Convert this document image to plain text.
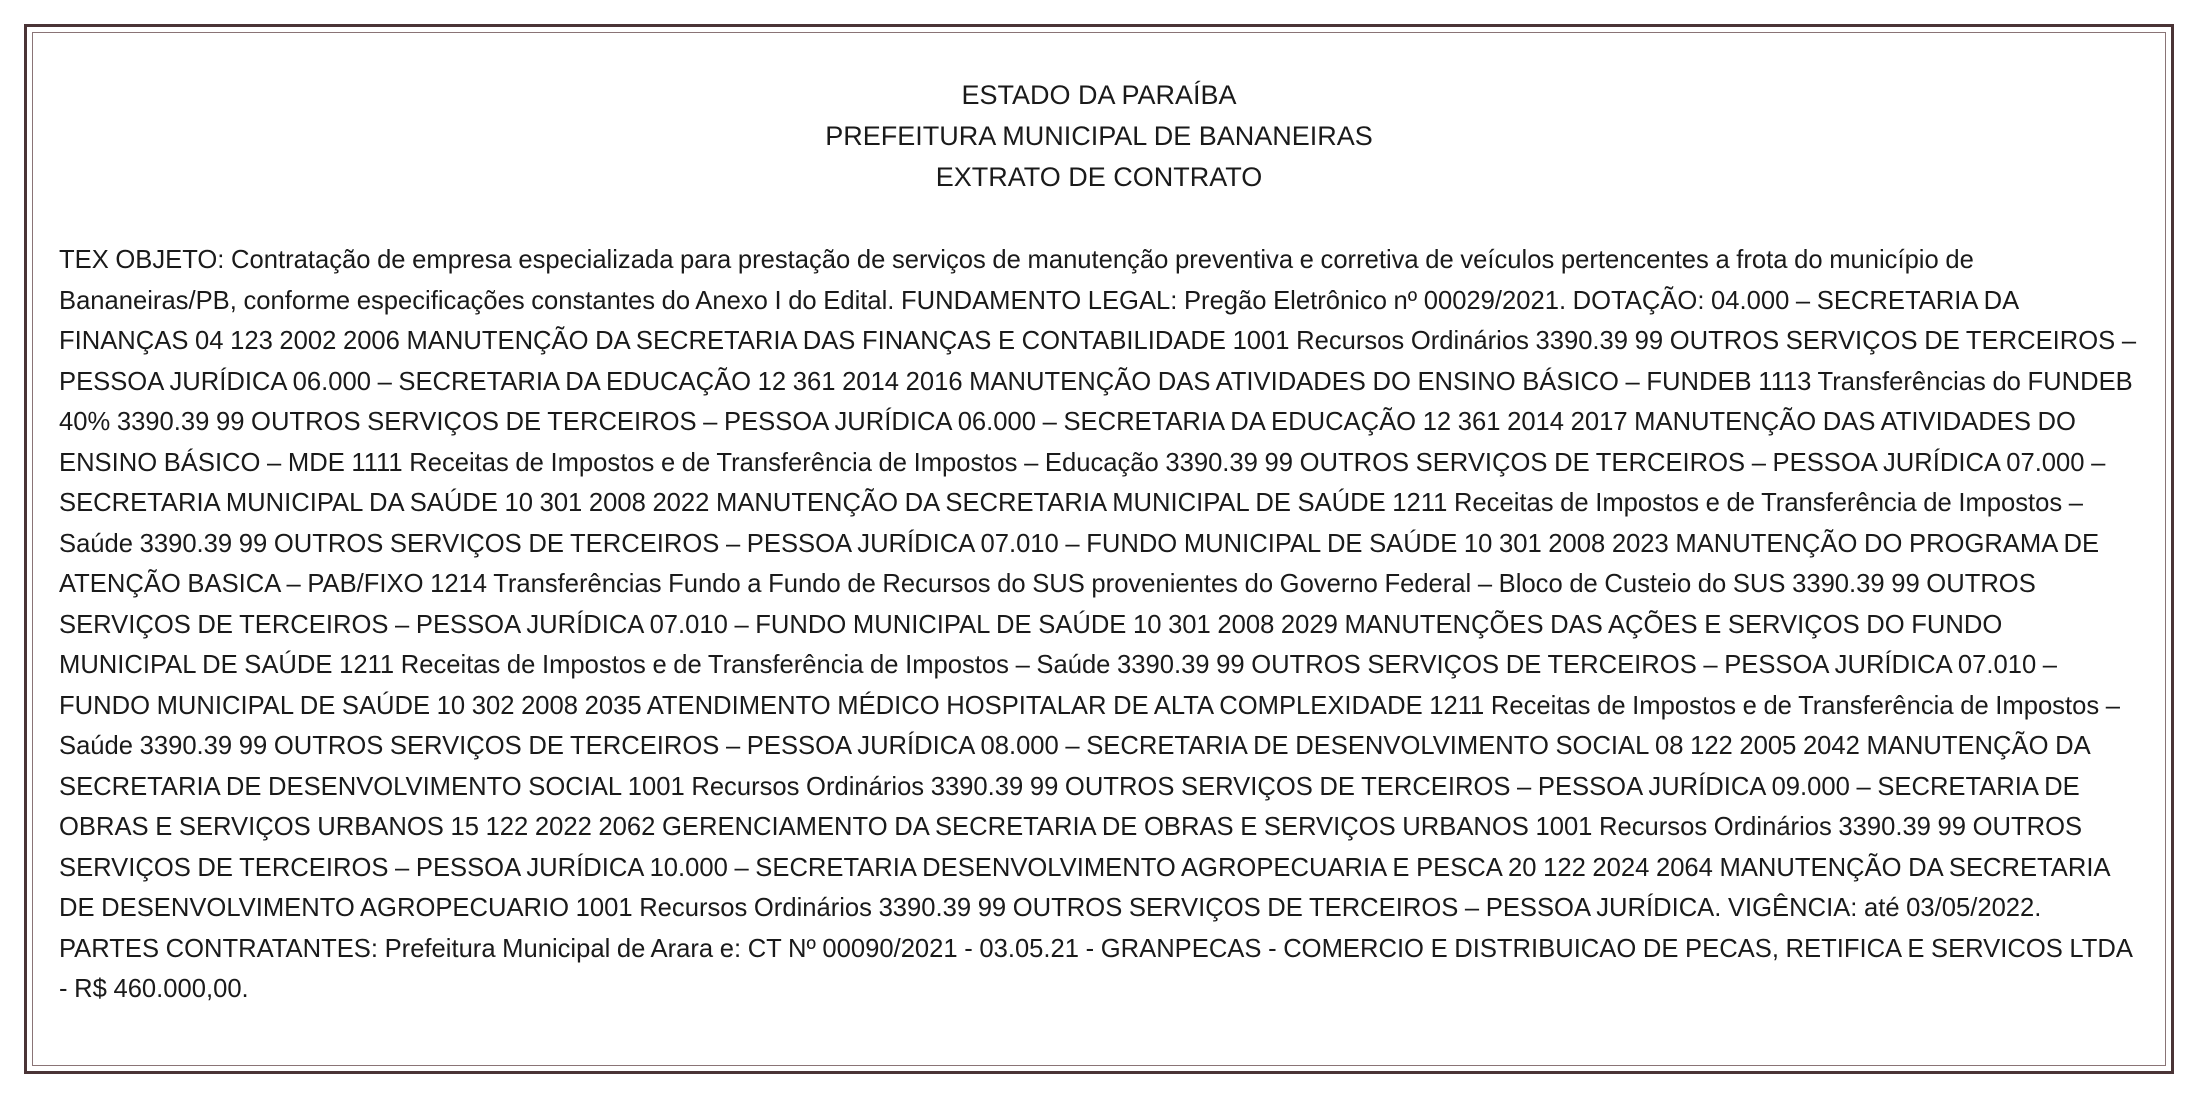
ESTADO DA PARAÍBA
PREFEITURA MUNICIPAL DE BANANEIRAS
EXTRATO DE CONTRATO
TEX OBJETO: Contratação de empresa especializada para prestação de serviços de manutenção preventiva e corretiva de veículos pertencentes a frota do município de Bananeiras/PB, conforme especificações constantes do Anexo I do Edital. FUNDAMENTO LEGAL: Pregão Eletrônico nº 00029/2021. DOTAÇÃO: 04.000 – SECRETARIA DA FINANÇAS 04 123 2002 2006 MANUTENÇÃO DA SECRETARIA DAS FINANÇAS E CONTABILIDADE 1001 Recursos Ordinários 3390.39 99 OUTROS SERVIÇOS DE TERCEIROS – PESSOA JURÍDICA 06.000 – SECRETARIA DA EDUCAÇÃO 12 361 2014 2016 MANUTENÇÃO DAS ATIVIDADES DO ENSINO BÁSICO – FUNDEB 1113 Transferências do FUNDEB 40% 3390.39 99 OUTROS SERVIÇOS DE TERCEIROS – PESSOA JURÍDICA 06.000 – SECRETARIA DA EDUCAÇÃO 12 361 2014 2017 MANUTENÇÃO DAS ATIVIDADES DO ENSINO BÁSICO – MDE 1111 Receitas de Impostos e de Transferência de Impostos – Educação 3390.39 99 OUTROS SERVIÇOS DE TERCEIROS – PESSOA JURÍDICA 07.000 – SECRETARIA MUNICIPAL DA SAÚDE 10 301 2008 2022 MANUTENÇÃO DA SECRETARIA MUNICIPAL DE SAÚDE 1211 Receitas de Impostos e de Transferência de Impostos – Saúde 3390.39 99 OUTROS SERVIÇOS DE TERCEIROS – PESSOA JURÍDICA 07.010 – FUNDO MUNICIPAL DE SAÚDE 10 301 2008 2023 MANUTENÇÃO DO PROGRAMA DE ATENÇÃO BASICA – PAB/FIXO 1214 Transferências Fundo a Fundo de Recursos do SUS provenientes do Governo Federal – Bloco de Custeio do SUS 3390.39 99 OUTROS SERVIÇOS DE TERCEIROS – PESSOA JURÍDICA 07.010 – FUNDO MUNICIPAL DE SAÚDE 10 301 2008 2029 MANUTENÇÕES DAS AÇÕES E SERVIÇOS DO FUNDO MUNICIPAL DE SAÚDE 1211 Receitas de Impostos e de Transferência de Impostos – Saúde 3390.39 99 OUTROS SERVIÇOS DE TERCEIROS – PESSOA JURÍDICA 07.010 – FUNDO MUNICIPAL DE SAÚDE 10 302 2008 2035 ATENDIMENTO MÉDICO HOSPITALAR DE ALTA COMPLEXIDADE 1211 Receitas de Impostos e de Transferência de Impostos – Saúde 3390.39 99 OUTROS SERVIÇOS DE TERCEIROS – PESSOA JURÍDICA 08.000 – SECRETARIA DE DESENVOLVIMENTO SOCIAL 08 122 2005 2042 MANUTENÇÃO DA SECRETARIA DE DESENVOLVIMENTO SOCIAL 1001 Recursos Ordinários 3390.39 99 OUTROS SERVIÇOS DE TERCEIROS – PESSOA JURÍDICA 09.000 – SECRETARIA DE OBRAS E SERVIÇOS URBANOS 15 122 2022 2062 GERENCIAMENTO DA SECRETARIA DE OBRAS E SERVIÇOS URBANOS 1001 Recursos Ordinários 3390.39 99 OUTROS SERVIÇOS DE TERCEIROS – PESSOA JURÍDICA 10.000 – SECRETARIA DESENVOLVIMENTO AGROPECUARIA E PESCA 20 122 2024 2064 MANUTENÇÃO DA SECRETARIA DE DESENVOLVIMENTO AGROPECUARIO 1001 Recursos Ordinários 3390.39 99 OUTROS SERVIÇOS DE TERCEIROS – PESSOA JURÍDICA. VIGÊNCIA: até 03/05/2022. PARTES CONTRATANTES: Prefeitura Municipal de Arara e: CT Nº 00090/2021 - 03.05.21 - GRANPECAS - COMERCIO E DISTRIBUICAO DE PECAS, RETIFICA E SERVICOS LTDA - R$ 460.000,00.
